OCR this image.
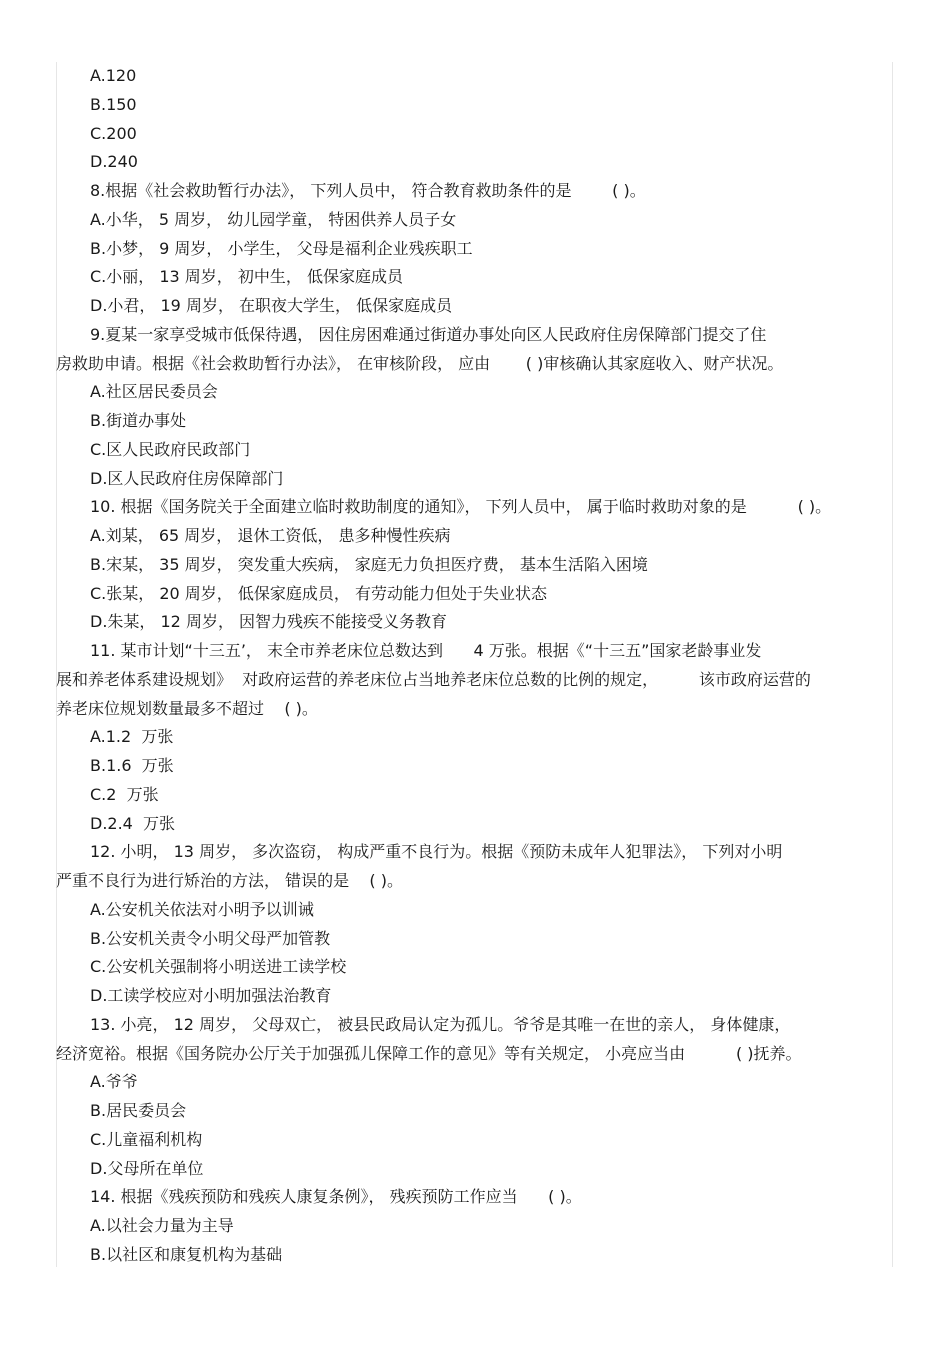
A.120
B.150
C.200
D.240
8.根据《社会救助暂行办法》， 下列人员中， 符合教育救助条件的是        ( )。
A.小华， 5 周岁， 幼儿园学童， 特困供养人员子女
B.小梦， 9 周岁， 小学生， 父母是福利企业残疾职工
C.小丽， 13 周岁， 初中生， 低保家庭成员
D.小君， 19 周岁， 在职夜大学生， 低保家庭成员
9.夏某一家享受城市低保待遇， 因住房困难通过街道办事处向区人民政府住房保障部门提交了住
房救助申请。根据《社会救助暂行办法》， 在审核阶段， 应由       ( )审核确认其家庭收入、财产状况。
A.社区居民委员会
B.街道办事处
C.区人民政府民政部门
D.区人民政府住房保障部门
10. 根据《国务院关于全面建立临时救助制度的通知》， 下列人员中， 属于临时救助对象的是          ( )。
A.刘某， 65 周岁， 退休工资低， 患多种慢性疾病
B.宋某， 35 周岁， 突发重大疾病， 家庭无力负担医疗费， 基本生活陷入困境
C.张某， 20 周岁， 低保家庭成员， 有劳动能力但处于失业状态
D.朱某， 12 周岁， 因智力残疾不能接受义务教育
11. 某市计划“十三五’， 末全市养老床位总数达到      4 万张。根据《“十三五”国家老龄事业发
展和养老体系建设规划》  对政府运营的养老床位占当地养老床位总数的比例的规定，        该市政府运营的
养老床位规划数量最多不超过    ( )。
A.1.2  万张
B.1.6  万张
C.2  万张
D.2.4  万张
12. 小明， 13 周岁， 多次盗窃， 构成严重不良行为。根据《预防未成年人犯罪法》， 下列对小明
严重不良行为进行矫治的方法， 错误的是    ( )。
A.公安机关依法对小明予以训诫
B.公安机关责令小明父母严加管教
C.公安机关强制将小明送进工读学校
D.工读学校应对小明加强法治教育
13. 小亮， 12 周岁， 父母双亡， 被县民政局认定为孤儿。爷爷是其唯一在世的亲人， 身体健康，
经济宽裕。根据《国务院办公厅关于加强孤儿保障工作的意见》等有关规定， 小亮应当由          ( )抚养。
A.爷爷
B.居民委员会
C.儿童福利机构
D.父母所在单位
14. 根据《残疾预防和残疾人康复条例》， 残疾预防工作应当      ( )。
A.以社会力量为主导
B.以社区和康复机构为基础
